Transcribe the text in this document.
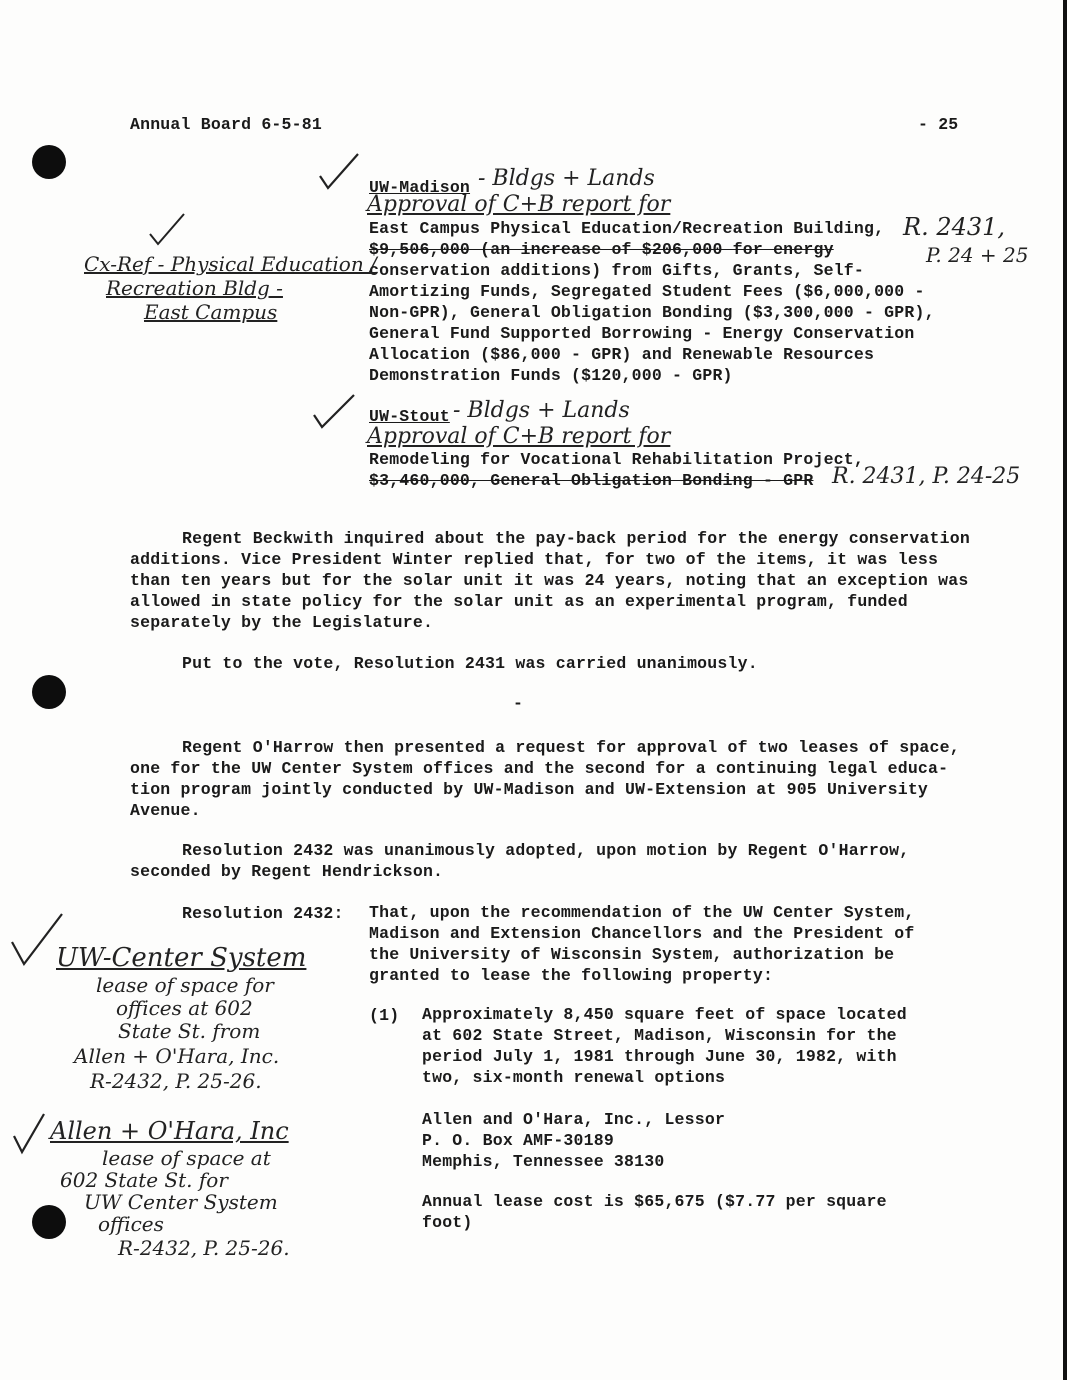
Annual Board 6-5-81	- 25
UW-Madison - Bldgs + Lands
Approval of C+B report for
East Campus Physical Education/Recreation Building,
$9,506,000 (an increase of $206,000 for energy
conservation additions) from Gifts, Grants, Self-
Amortizing Funds, Segregated Student Fees ($6,000,000 -
Non-GPR), General Obligation Bonding ($3,300,000 - GPR),
General Fund Supported Borrowing - Energy Conservation
Allocation ($86,000 - GPR) and Renewable Resources
Demonstration Funds ($120,000 - GPR)
R. 2431,
P. 24 + 25
Cx-Ref - Physical Education /
Recreation Bldg -
East Campus
UW-Stout - Bldgs + Lands
Approval of C+B report for
Remodeling for Vocational Rehabilitation Project,
$3,460,000, General Obligation Bonding - GPR R. 2431, P. 24-25
Regent Beckwith inquired about the pay-back period for the energy conservation
additions. Vice President Winter replied that, for two of the items, it was less
than ten years but for the solar unit it was 24 years, noting that an exception was
allowed in state policy for the solar unit as an experimental program, funded
separately by the Legislature.
Put to the vote, Resolution 2431 was carried unanimously.
-
Regent O'Harrow then presented a request for approval of two leases of space,
one for the UW Center System offices and the second for a continuing legal educa-
tion program jointly conducted by UW-Madison and UW-Extension at 905 University
Avenue.
Resolution 2432 was unanimously adopted, upon motion by Regent O'Harrow,
seconded by Regent Hendrickson.
Resolution 2432: That, upon the recommendation of the UW Center System,
Madison and Extension Chancellors and the President of
the University of Wisconsin System, authorization be
granted to lease the following property:
(1) Approximately 8,450 square feet of space located
at 602 State Street, Madison, Wisconsin for the
period July 1, 1981 through June 30, 1982, with
two, six-month renewal options
Allen and O'Hara, Inc., Lessor
P. O. Box AMF-30189
Memphis, Tennessee 38130
Annual lease cost is $65,675 ($7.77 per square
foot)
UW-Center System
lease of space for
offices at 602
State St. from
Allen + O'Hara, Inc.
R-2432, P. 25-26.
Allen + O'Hara, Inc
lease of space at
602 State St. for
UW Center System
offices
R-2432, P. 25-26.
